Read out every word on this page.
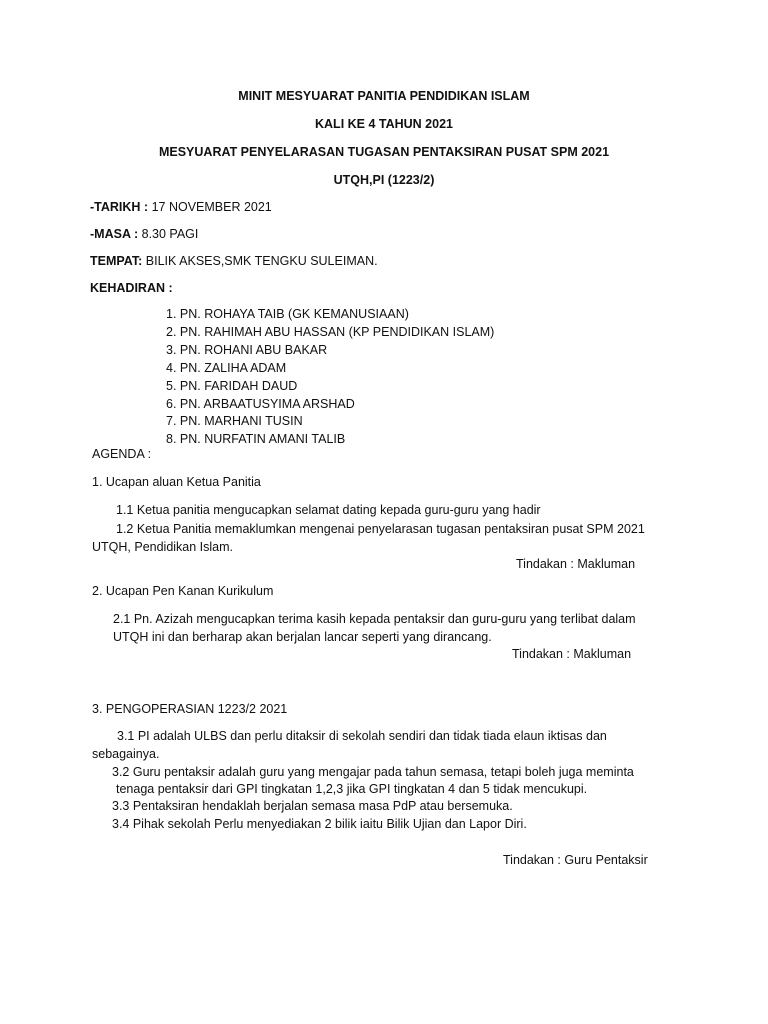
MINIT MESYUARAT PANITIA PENDIDIKAN ISLAM
KALI KE 4 TAHUN 2021
MESYUARAT PENYELARASAN TUGASAN PENTAKSIRAN PUSAT SPM 2021
UTQH,PI (1223/2)
-TARIKH : 17 NOVEMBER 2021
-MASA : 8.30 PAGI
TEMPAT: BILIK AKSES,SMK TENGKU SULEIMAN.
KEHADIRAN :
1. PN. ROHAYA TAIB (GK KEMANUSIAAN)
2. PN. RAHIMAH ABU HASSAN (KP PENDIDIKAN ISLAM)
3. PN. ROHANI ABU BAKAR
4. PN. ZALIHA ADAM
5. PN. FARIDAH DAUD
6. PN. ARBAATUSYIMA ARSHAD
7. PN. MARHANI TUSIN
8. PN. NURFATIN AMANI TALIB
AGENDA :
1. Ucapan aluan Ketua Panitia
1.1 Ketua panitia mengucapkan selamat dating kepada guru-guru yang hadir
1.2 Ketua Panitia memaklumkan mengenai penyelarasan tugasan pentaksiran pusat SPM 2021
UTQH, Pendidikan Islam.
Tindakan : Makluman
2. Ucapan Pen Kanan Kurikulum
2.1 Pn. Azizah mengucapkan terima kasih kepada pentaksir dan guru-guru yang terlibat dalam
UTQH ini dan berharap akan berjalan lancar seperti yang dirancang.
Tindakan : Makluman
3. PENGOPERASIAN 1223/2 2021
3.1 PI adalah ULBS dan perlu ditaksir di sekolah sendiri dan tidak tiada elaun iktisas dan
sebagainya.
3.2 Guru pentaksir adalah guru yang mengajar pada tahun semasa, tetapi boleh juga meminta
tenaga pentaksir dari GPI tingkatan 1,2,3 jika GPI tingkatan 4 dan 5 tidak mencukupi.
3.3 Pentaksiran hendaklah berjalan semasa masa PdP atau bersemuka.
3.4 Pihak sekolah Perlu menyediakan 2 bilik iaitu Bilik Ujian dan Lapor Diri.
Tindakan : Guru Pentaksir
